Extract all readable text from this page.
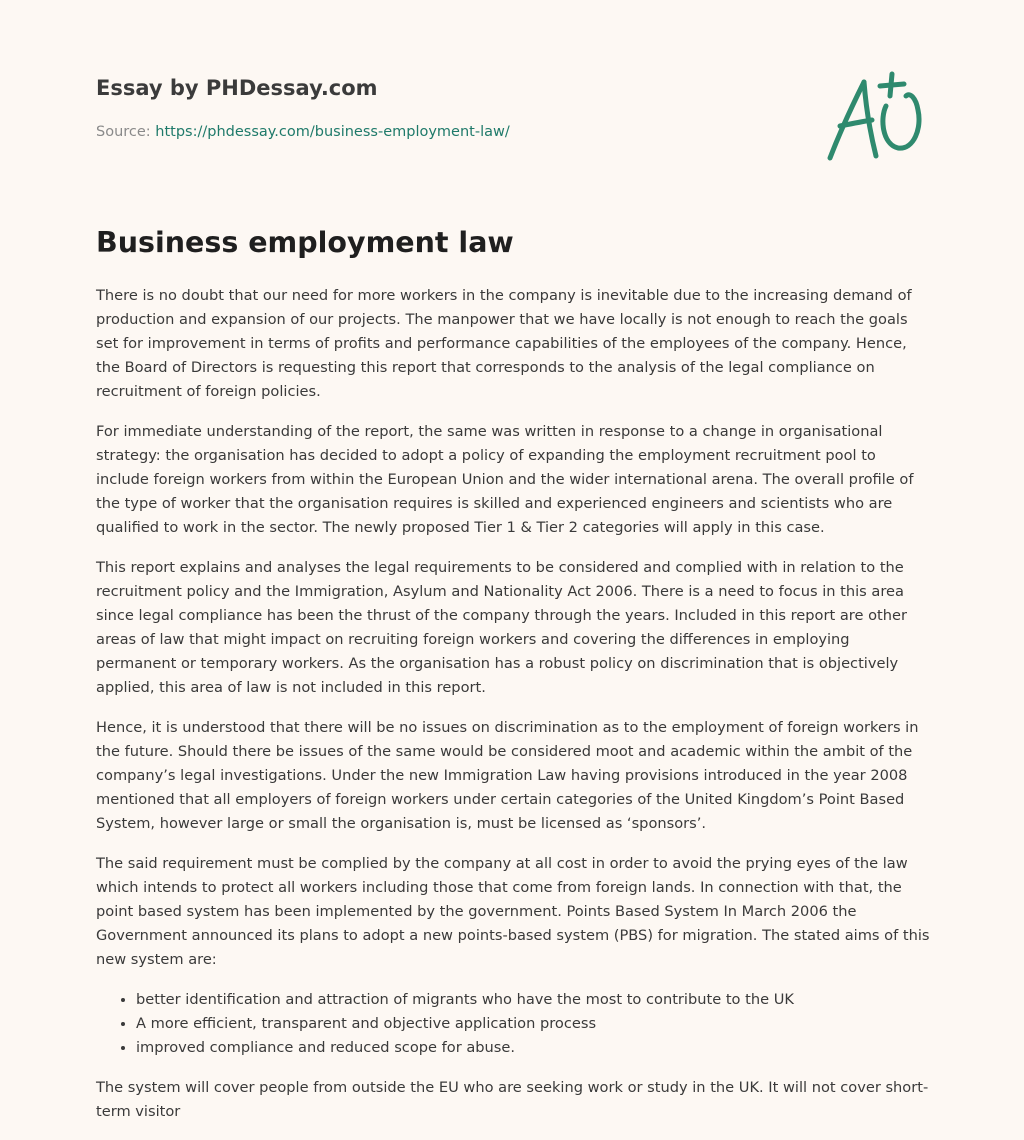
Essay by PHDessay.com
Source: https://phdessay.com/business-employment-law/
Business employment law

There is no doubt that our need for more workers in the company is inevitable due to the increasing demand of production and expansion of our projects. The manpower that we have locally is not enough to reach the goals set for improvement in terms of profits and performance capabilities of the employees of the company. Hence, the Board of Directors is requesting this report that corresponds to the analysis of the legal compliance on recruitment of foreign policies.

For immediate understanding of the report, the same was written in response to a change in organisational strategy: the organisation has decided to adopt a policy of expanding the employment recruitment pool to include foreign workers from within the European Union and the wider international arena. The overall profile of the type of worker that the organisation requires is skilled and experienced engineers and scientists who are qualified to work in the sector. The newly proposed Tier 1 & Tier 2 categories will apply in this case.

This report explains and analyses the legal requirements to be considered and complied with in relation to the recruitment policy and the Immigration, Asylum and Nationality Act 2006. There is a need to focus in this area since legal compliance has been the thrust of the company through the years. Included in this report are other areas of law that might impact on recruiting foreign workers and covering the differences in employing permanent or temporary workers. As the organisation has a robust policy on discrimination that is objectively applied, this area of law is not included in this report.

Hence, it is understood that there will be no issues on discrimination as to the employment of foreign workers in the future. Should there be issues of the same would be considered moot and academic within the ambit of the company’s legal investigations. Under the new Immigration Law having provisions introduced in the year 2008 mentioned that all employers of foreign workers under certain categories of the United Kingdom’s Point Based System, however large or small the organisation is, must be licensed as ‘sponsors’.

The said requirement must be complied by the company at all cost in order to avoid the prying eyes of the law which intends to protect all workers including those that come from foreign lands. In connection with that, the point based system has been implemented by the government. Points Based System In March 2006 the Government announced its plans to adopt a new points-based system (PBS) for migration. The stated aims of this new system are:

• better identification and attraction of migrants who have the most to contribute to the UK
• A more efficient, transparent and objective application process
• improved compliance and reduced scope for abuse.

The system will cover people from outside the EU who are seeking work or study in the UK. It will not cover short-term visitor
